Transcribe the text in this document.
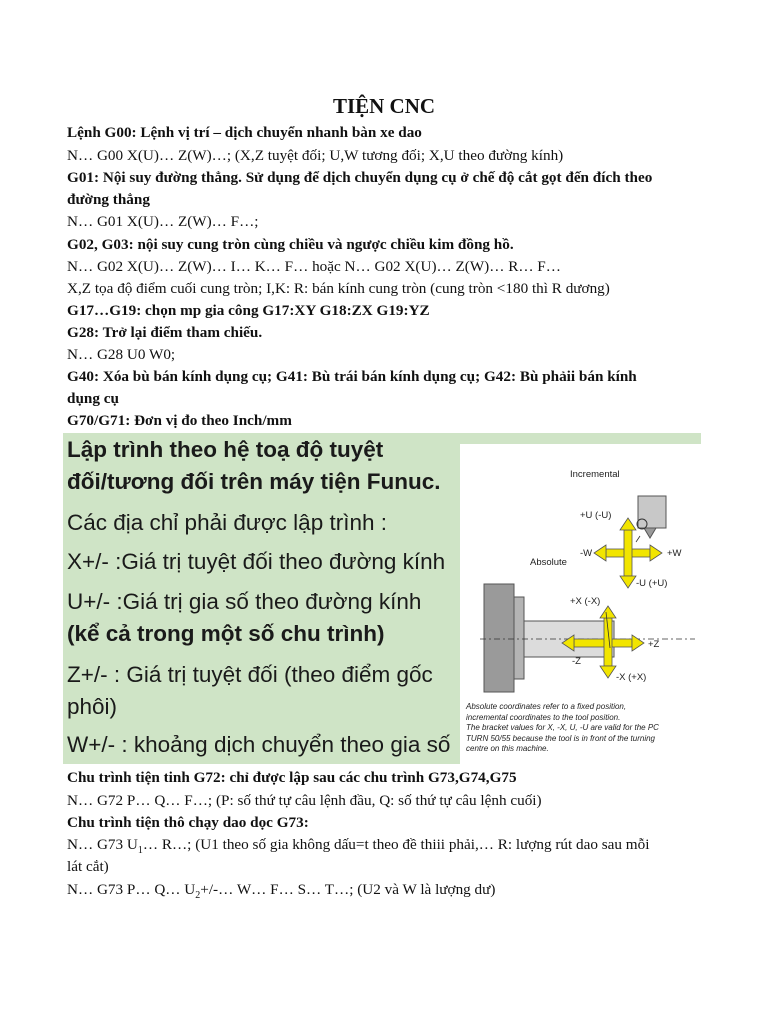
TIỆN CNC
Lệnh G00: Lệnh vị trí – dịch chuyển nhanh bàn xe dao
N… G00 X(U)… Z(W)…; (X,Z tuyệt đối; U,W tương đối; X,U theo đường kính)
G01: Nội suy đường thẳng. Sử dụng để dịch chuyển dụng cụ ở chế độ cắt gọt đến đích theo
đường thẳng
N… G01 X(U)… Z(W)… F…;
G02, G03: nội suy cung tròn cùng chiều và ngược chiều kim đồng hồ.
N… G02 X(U)… Z(W)… I… K… F… hoặc N… G02 X(U)… Z(W)… R… F…
X,Z tọa độ điểm cuối cung tròn; I,K: R: bán kính cung tròn (cung tròn <180 thì R dương)
G17…G19: chọn mp gia công G17:XY G18:ZX G19:YZ
G28: Trở lại điểm tham chiếu.
N… G28 U0 W0;
G40: Xóa bù bán kính dụng cụ; G41: Bù trái bán kính dụng cụ; G42: Bù phảii bán kính
dụng cụ
G70/G71: Đơn vị đo theo Inch/mm
Lập trình theo hệ toạ độ tuyệt
đối/tương đối trên máy tiện Funuc.
Các địa chỉ phải được lập trình :
X+/- :Giá trị tuyệt đối theo đường kính
U+/- :Giá trị gia số theo đường kính
(kể cả trong một số chu trình)
Z+/- : Giá trị tuyệt đối (theo điểm gốc
phôi)
W+/- : khoảng dịch chuyển theo gia số
Incremental
Absolute
+U (-U)
-W	+W
-U (+U)
+X (-X)
+Z
-Z
-X (+X)
Absolute coordinates refer to a fixed position,
incremental coordinates to the tool position.
The bracket values for X, -X, U, -U are valid for the PC
TURN 50/55 because the tool is in front of the turning
centre on this machine.
Chu trình tiện tinh G72: chỉ được lập sau các chu trình G73,G74,G75
N… G72 P… Q… F…; (P: số thứ tự câu lệnh đầu, Q: số thứ tự câu lệnh cuối)
Chu trình tiện thô chạy dao dọc G73:
N… G73 $U_1\dots$ R…; (U1 theo số gia không dấu=t theo đề thiii phải,… R: lượng rút dao sau mỗi
lát cắt)
N… G73 P… Q… $U_2+/-\dots$ W… F… S… T…; (U2 và W là lượng dư)
